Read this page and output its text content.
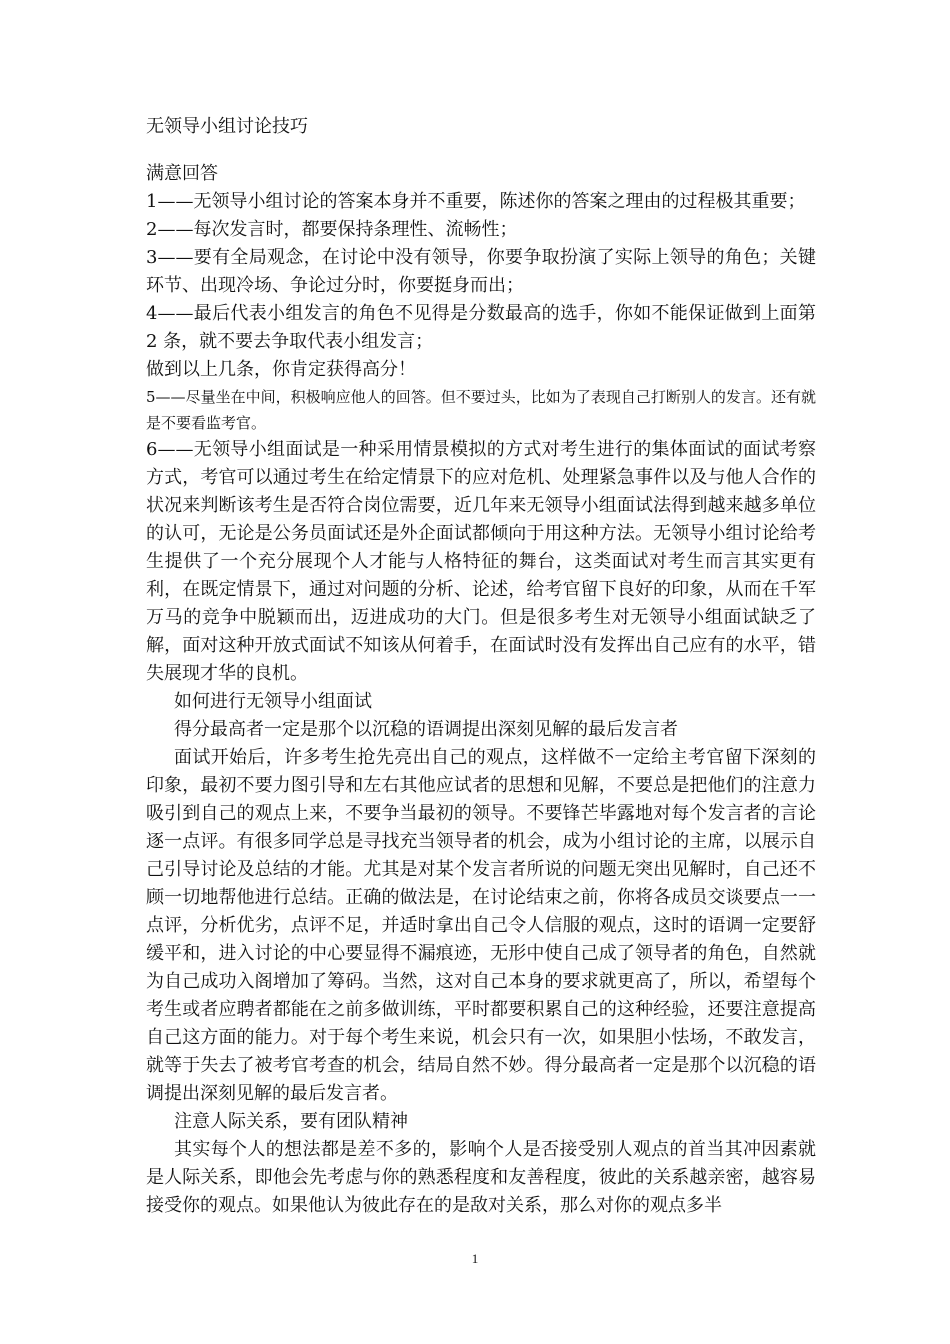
无领导小组讨论技巧

满意回答

1——无领导小组讨论的答案本身并不重要，陈述你的答案之理由的过程极其重要；

2——每次发言时，都要保持条理性、流畅性；

3——要有全局观念，在讨论中没有领导，你要争取扮演了实际上领导的角色；关键环节、出现冷场、争论过分时，你要挺身而出；

4——最后代表小组发言的角色不见得是分数最高的选手，你如不能保证做到上面第 2 条，就不要去争取代表小组发言；

做到以上几条，你肯定获得高分！

5——尽量坐在中间，积极响应他人的回答。但不要过头，比如为了表现自己打断别人的发言。还有就是不要看监考官。

6——无领导小组面试是一种采用情景模拟的方式对考生进行的集体面试的面试考察方式，考官可以通过考生在给定情景下的应对危机、处理紧急事件以及与他人合作的状况来判断该考生是否符合岗位需要，近几年来无领导小组面试法得到越来越多单位的认可，无论是公务员面试还是外企面试都倾向于用这种方法。无领导小组讨论给考生提供了一个充分展现个人才能与人格特征的舞台，这类面试对考生而言其实更有利，在既定情景下，通过对问题的分析、论述，给考官留下良好的印象，从而在千军万马的竞争中脱颖而出，迈进成功的大门。但是很多考生对无领导小组面试缺乏了解，面对这种开放式面试不知该从何着手，在面试时没有发挥出自己应有的水平，错失展现才华的良机。

如何进行无领导小组面试

得分最高者一定是那个以沉稳的语调提出深刻见解的最后发言者

面试开始后，许多考生抢先亮出自己的观点，这样做不一定给主考官留下深刻的印象，最初不要力图引导和左右其他应试者的思想和见解，不要总是把他们的注意力吸引到自己的观点上来，不要争当最初的领导。不要锋芒毕露地对每个发言者的言论逐一点评。有很多同学总是寻找充当领导者的机会，成为小组讨论的主席，以展示自己引导讨论及总结的才能。尤其是对某个发言者所说的问题无突出见解时，自己还不顾一切地帮他进行总结。正确的做法是，在讨论结束之前，你将各成员交谈要点一一点评，分析优劣，点评不足，并适时拿出自己令人信服的观点，这时的语调一定要舒缓平和，进入讨论的中心要显得不漏痕迹，无形中使自己成了领导者的角色，自然就为自己成功入阁增加了筹码。当然，这对自己本身的要求就更高了，所以，希望每个考生或者应聘者都能在之前多做训练，平时都要积累自己的这种经验，还要注意提高自己这方面的能力。对于每个考生来说，机会只有一次，如果胆小怯场，不敢发言，就等于失去了被考官考查的机会，结局自然不妙。得分最高者一定是那个以沉稳的语调提出深刻见解的最后发言者。

注意人际关系，要有团队精神

其实每个人的想法都是差不多的，影响个人是否接受别人观点的首当其冲因素就是人际关系，即他会先考虑与你的熟悉程度和友善程度，彼此的关系越亲密，越容易接受你的观点。如果他认为彼此存在的是敌对关系，那么对你的观点多半

1
